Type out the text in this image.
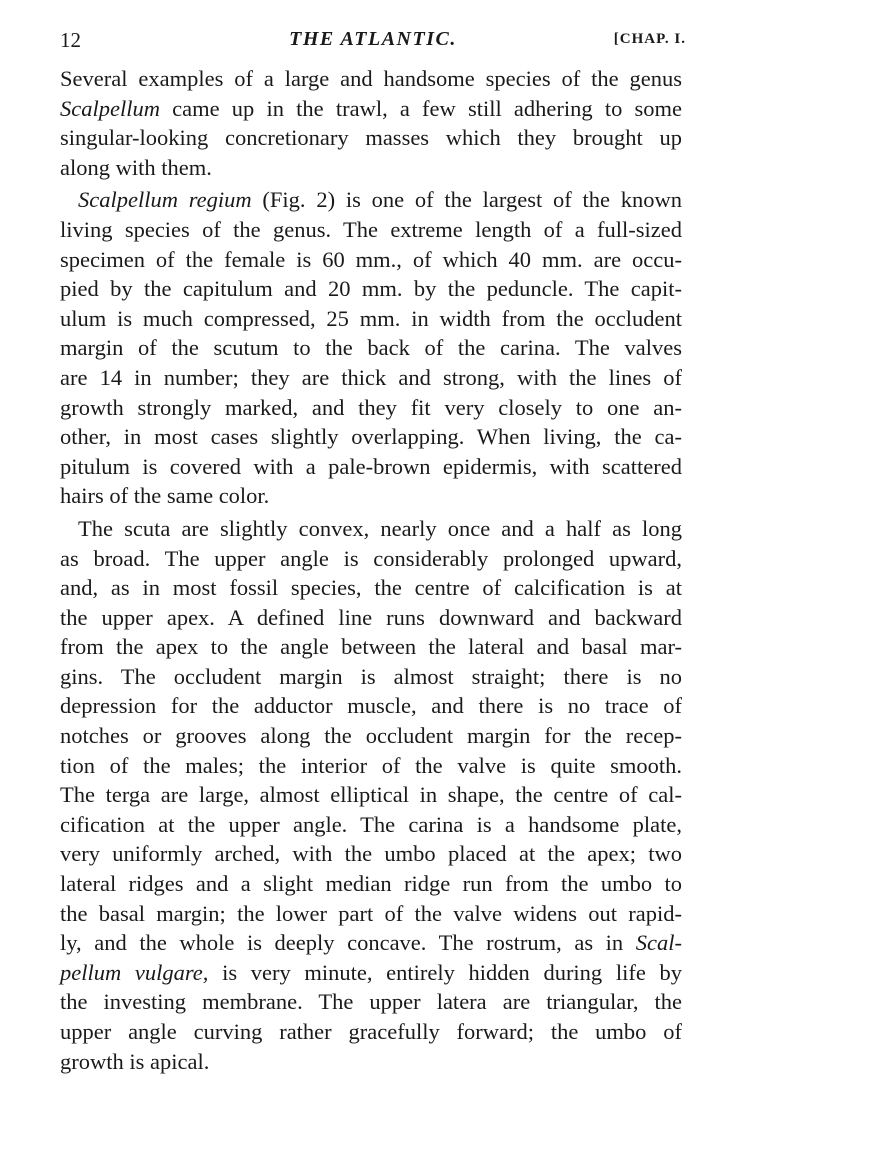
12	THE ATLANTIC.	[CHAP. I.
Several examples of a large and handsome species of the genus
Scalpellum came up in the trawl, a few still adhering to some
singular-looking concretionary masses which they brought up
along with them.
Scalpellum regium (Fig. 2) is one of the largest of the known
living species of the genus. The extreme length of a full-sized
specimen of the female is 60 mm., of which 40 mm. are occu-
pied by the capitulum and 20 mm. by the peduncle. The capit-
ulum is much compressed, 25 mm. in width from the occludent
margin of the scutum to the back of the carina. The valves
are 14 in number; they are thick and strong, with the lines of
growth strongly marked, and they fit very closely to one an-
other, in most cases slightly overlapping. When living, the ca-
pitulum is covered with a pale-brown epidermis, with scattered
hairs of the same color.
The scuta are slightly convex, nearly once and a half as long
as broad. The upper angle is considerably prolonged upward,
and, as in most fossil species, the centre of calcification is at
the upper apex. A defined line runs downward and backward
from the apex to the angle between the lateral and basal mar-
gins. The occludent margin is almost straight; there is no
depression for the adductor muscle, and there is no trace of
notches or grooves along the occludent margin for the recep-
tion of the males; the interior of the valve is quite smooth.
The terga are large, almost elliptical in shape, the centre of cal-
cification at the upper angle. The carina is a handsome plate,
very uniformly arched, with the umbo placed at the apex; two
lateral ridges and a slight median ridge run from the umbo to
the basal margin; the lower part of the valve widens out rapid-
ly, and the whole is deeply concave. The rostrum, as in Scal-
pellum vulgare, is very minute, entirely hidden during life by
the investing membrane. The upper latera are triangular, the
upper angle curving rather gracefully forward; the umbo of
growth is apical.
